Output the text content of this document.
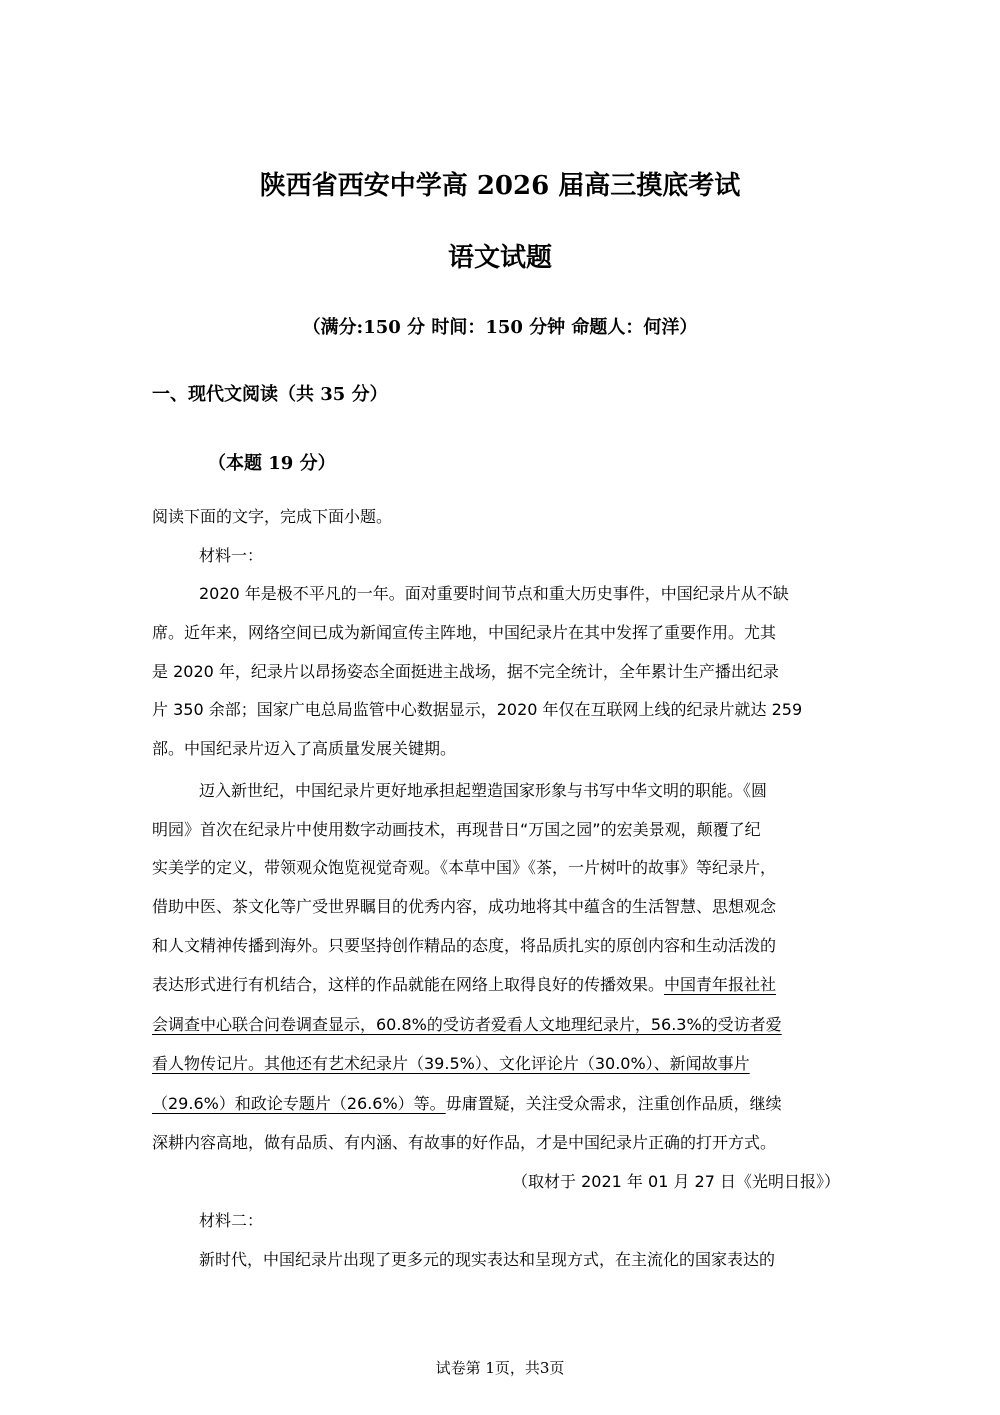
陕西省西安中学高 2026 届高三摸底考试
语文试题

（满分:150 分 时间：150 分钟 命题人：何洋）

一、现代文阅读（共 35 分）

（本题 19 分）

阅读下面的文字，完成下面小题。

材料一：

2020 年是极不平凡的一年。面对重要时间节点和重大历史事件，中国纪录片从不缺

席。近年来，网络空间已成为新闻宣传主阵地，中国纪录片在其中发挥了重要作用。尤其

是 2020 年，纪录片以昂扬姿态全面挺进主战场，据不完全统计，全年累计生产播出纪录

片 350 余部；国家广电总局监管中心数据显示，2020 年仅在互联网上线的纪录片就达 259

部。中国纪录片迈入了高质量发展关键期。

迈入新世纪，中国纪录片更好地承担起塑造国家形象与书写中华文明的职能。《圆

明园》首次在纪录片中使用数字动画技术，再现昔日“万国之园”的宏美景观，颠覆了纪

实美学的定义，带领观众饱览视觉奇观。《本草中国》《茶，一片树叶的故事》等纪录片，

借助中医、茶文化等广受世界瞩目的优秀内容，成功地将其中蕴含的生活智慧、思想观念

和人文精神传播到海外。只要坚持创作精品的态度，将品质扎实的原创内容和生动活泼的

表达形式进行有机结合，这样的作品就能在网络上取得良好的传播效果。中国青年报社社

会调查中心联合问卷调查显示，60.8%的受访者爱看人文地理纪录片，56.3%的受访者爱

看人物传记片。其他还有艺术纪录片（39.5%）、文化评论片（30.0%）、新闻故事片

（29.6%）和政论专题片（26.6%）等。毋庸置疑，关注受众需求，注重创作品质，继续

深耕内容高地，做有品质、有内涵、有故事的好作品，才是中国纪录片正确的打开方式。

（取材于 2021 年 01 月 27 日《光明日报》）

材料二：

新时代，中国纪录片出现了更多元的现实表达和呈现方式，在主流化的国家表达的

试卷第 1页，共3页
